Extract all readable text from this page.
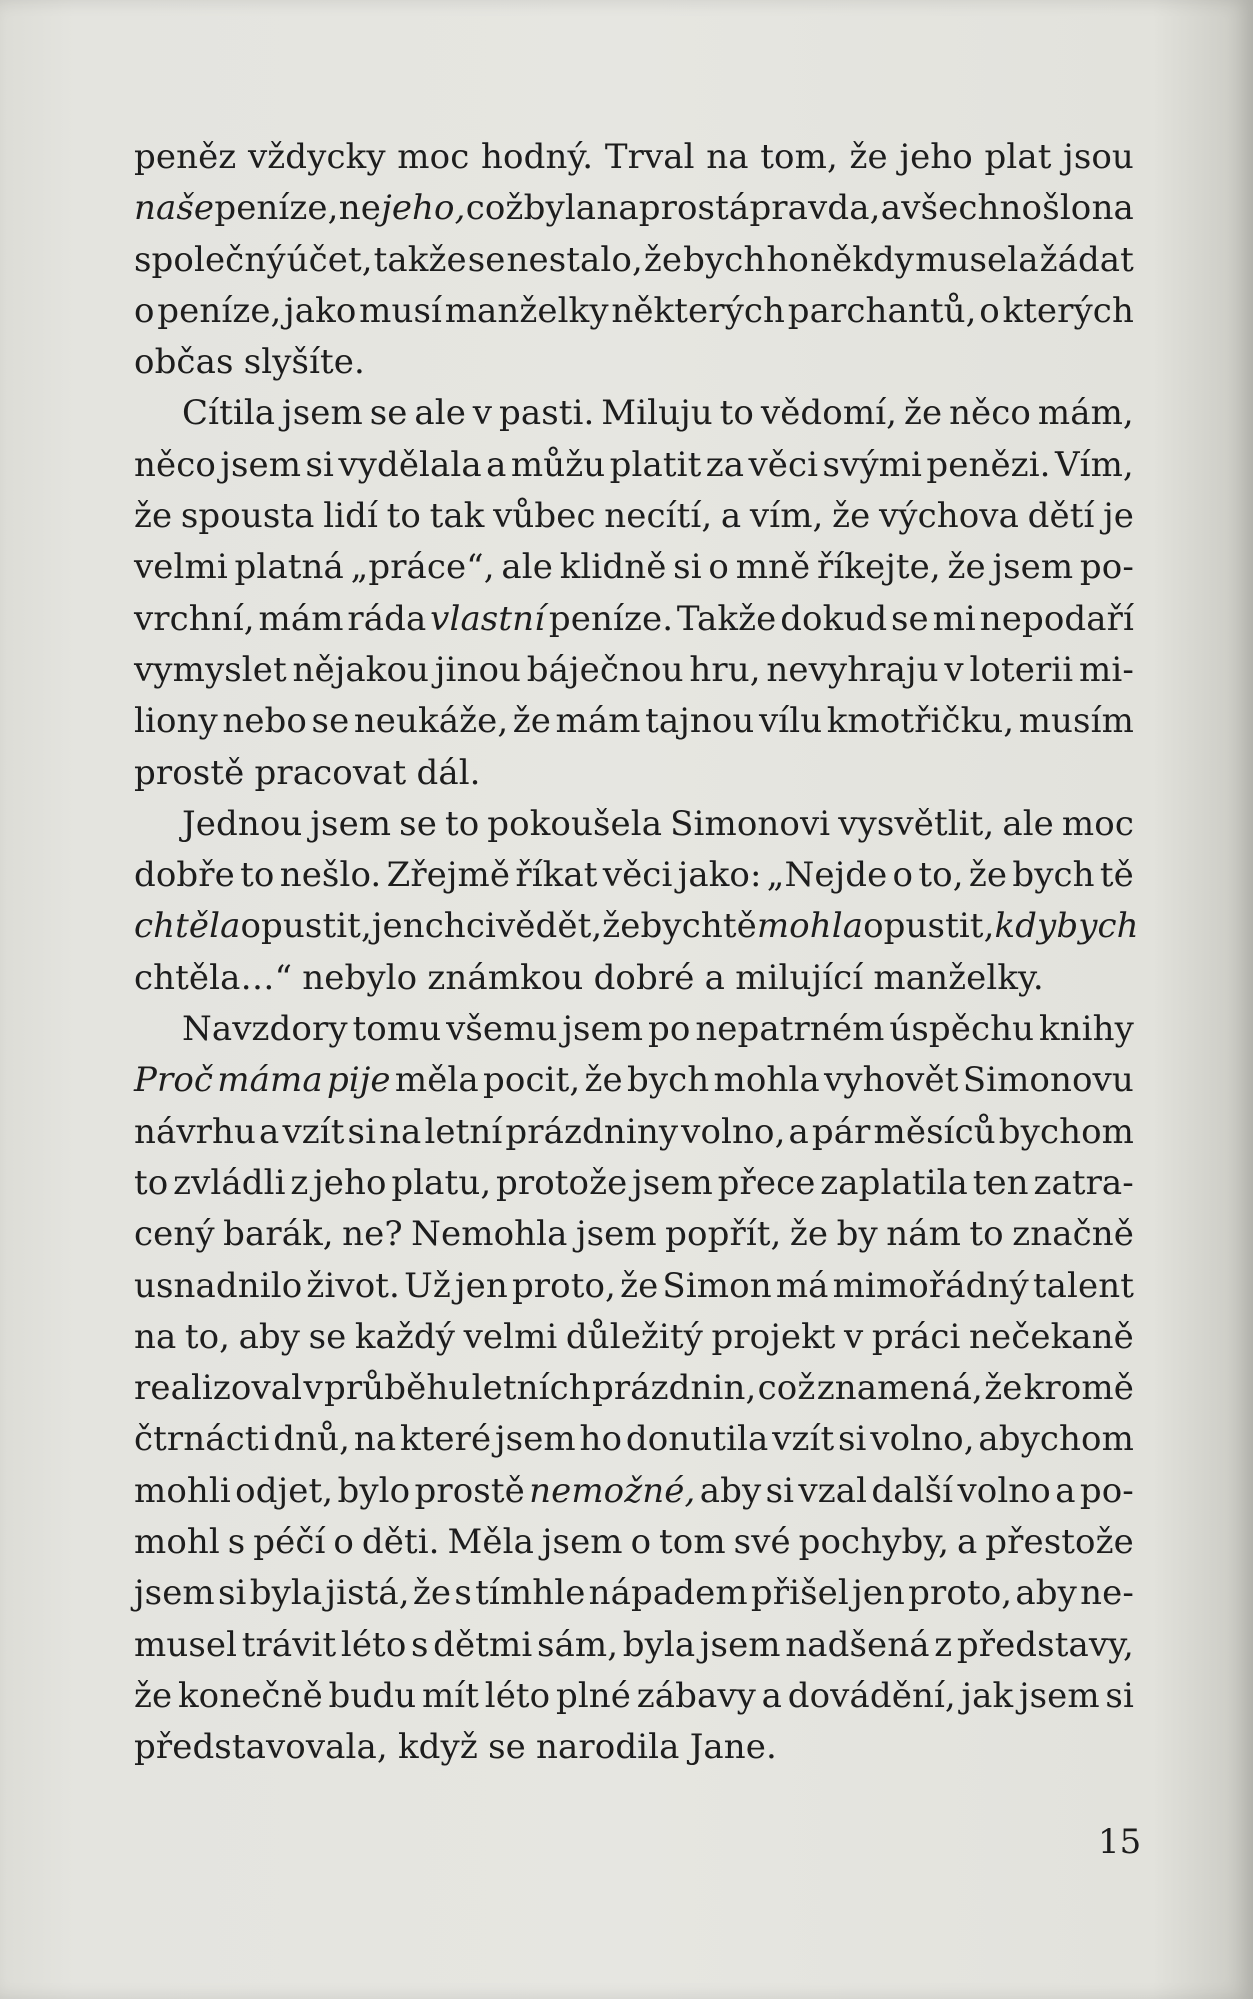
peněz vždycky moc hodný. Trval na tom, že jeho plat jsou
naše peníze, ne jeho, což byla naprostá pravda, a všechno šlo na
společný účet, takže se nestalo, že bych ho někdy musela žádat
o peníze, jako musí manželky některých parchantů, o kterých
občas slyšíte.
Cítila jsem se ale v pasti. Miluju to vědomí, že něco mám,
něco jsem si vydělala a můžu platit za věci svými penězi. Vím,
že spousta lidí to tak vůbec necítí, a vím, že výchova dětí je
velmi platná „práce“, ale klidně si o mně říkejte, že jsem po-
vrchní, mám ráda vlastní peníze. Takže dokud se mi nepodaří
vymyslet nějakou jinou báječnou hru, nevyhraju v loterii mi-
liony nebo se neukáže, že mám tajnou vílu kmotřičku, musím
prostě pracovat dál.
Jednou jsem se to pokoušela Simonovi vysvětlit, ale moc
dobře to nešlo. Zřejmě říkat věci jako: „Nejde o to, že bych tě
chtěla opustit, jen chci vědět, že bych tě mohla opustit, kdybych
chtěla…“ nebylo známkou dobré a milující manželky.
Navzdory tomu všemu jsem po nepatrném úspěchu knihy
Proč máma pije měla pocit, že bych mohla vyhovět Simonovu
návrhu a vzít si na letní prázdniny volno, a pár měsíců bychom
to zvládli z jeho platu, protože jsem přece zaplatila ten zatra-
cený barák, ne? Nemohla jsem popřít, že by nám to značně
usnadnilo život. Už jen proto, že Simon má mimořádný talent
na to, aby se každý velmi důležitý projekt v práci nečekaně
realizoval v průběhu letních prázdnin, což znamená, že kromě
čtrnácti dnů, na které jsem ho donutila vzít si volno, abychom
mohli odjet, bylo prostě nemožné, aby si vzal další volno a po-
mohl s péčí o děti. Měla jsem o tom své pochyby, a přestože
jsem si byla jistá, že s tímhle nápadem přišel jen proto, aby ne-
musel trávit léto s dětmi sám, byla jsem nadšená z představy,
že konečně budu mít léto plné zábavy a dovádění, jak jsem si
představovala, když se narodila Jane.
15
